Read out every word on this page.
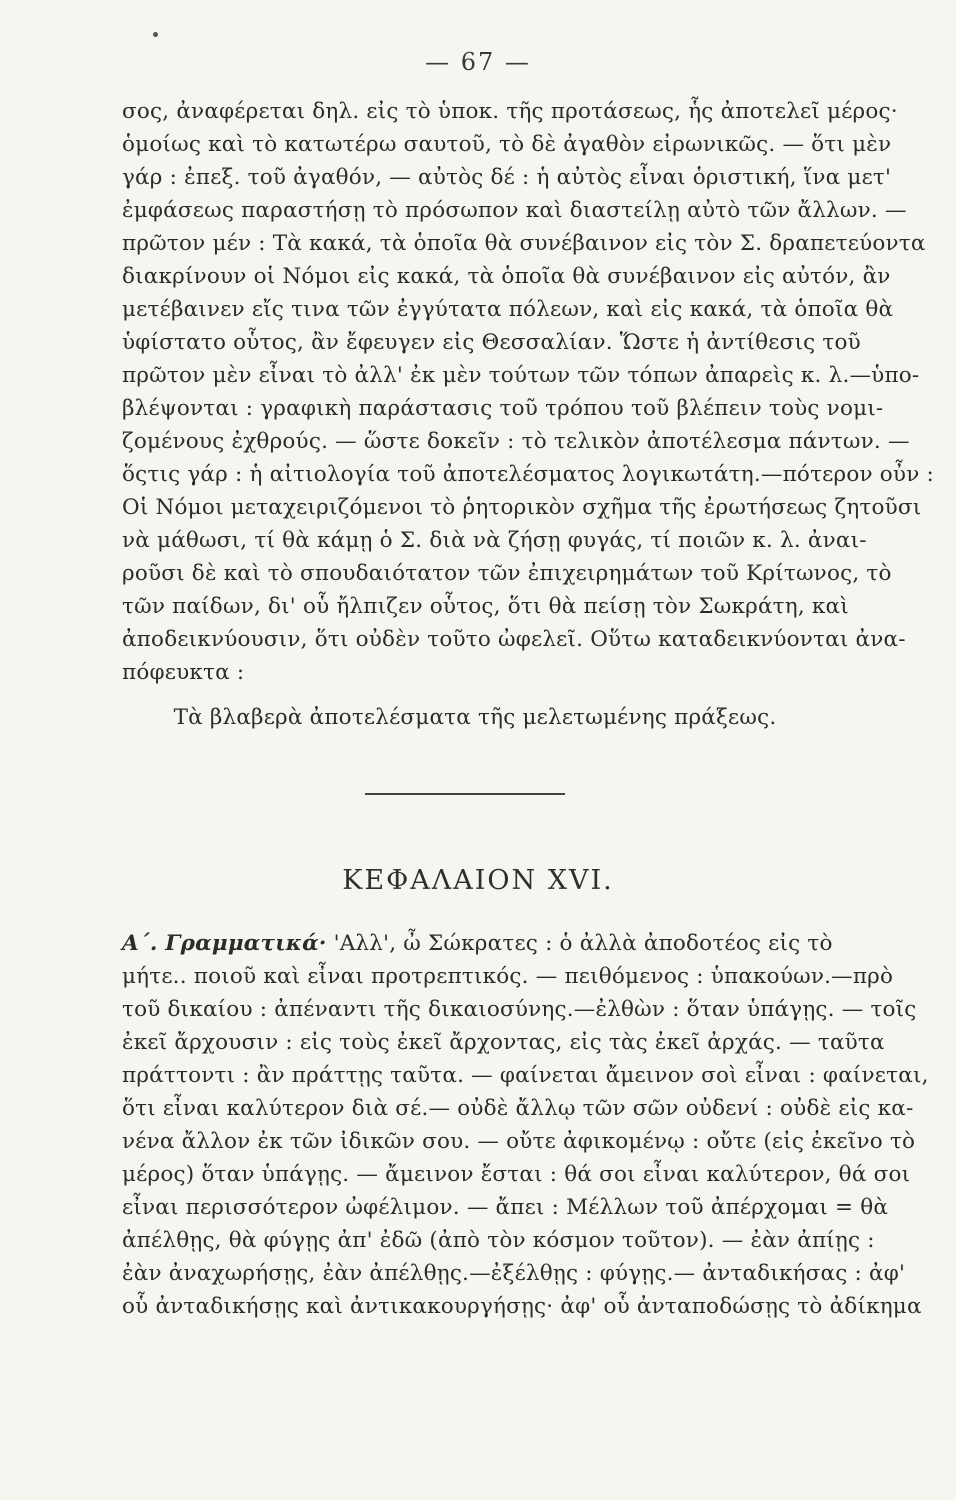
— 67 —
σος, ἀναφέρεται δηλ. εἰς τὸ ὑποκ. τῆς προτάσεως, ἧς ἀποτελεῖ μέρος·
ὁμοίως καὶ τὸ κατωτέρω σαυτοῦ, τὸ δὲ ἀγαθὸν εἰρωνικῶς. — ὅτι μὲν
γάρ : ἐπεξ. τοῦ ἀγαθόν, — αὐτὸς δέ : ἡ αὐτὸς εἶναι ὁριστική, ἵνα μετ'
ἐμφάσεως παραστήσῃ τὸ πρόσωπον καὶ διαστείλῃ αὐτὸ τῶν ἄλλων. —
πρῶτον μέν : Τὰ κακά, τὰ ὁποῖα θὰ συνέβαινον εἰς τὸν Σ. δραπετεύοντα
διακρίνουν οἱ Νόμοι εἰς κακά, τὰ ὁποῖα θὰ συνέβαινον εἰς αὐτόν, ἂν
μετέβαινεν εἴς τινα τῶν ἐγγύτατα πόλεων, καὶ εἰς κακά, τὰ ὁποῖα θὰ
ὑφίστατο οὗτος, ἂν ἔφευγεν εἰς Θεσσαλίαν. Ὥστε ἡ ἀντίθεσις τοῦ
πρῶτον μὲν εἶναι τὸ ἀλλ' ἐκ μὲν τούτων τῶν τόπων ἀπαρεὶς κ. λ.—ὑπο-
βλέψονται : γραφικὴ παράστασις τοῦ τρόπου τοῦ βλέπειν τοὺς νομι-
ζομένους ἐχθρούς. — ὥστε δοκεῖν : τὸ τελικὸν ἀποτέλεσμα πάντων. —
ὅςτις γάρ : ἡ αἰτιολογία τοῦ ἀποτελέσματος λογικωτάτη.—πότερον οὖν :
Οἱ Νόμοι μεταχειριζόμενοι τὸ ῥητορικὸν σχῆμα τῆς ἐρωτήσεως ζητοῦσι
νὰ μάθωσι, τί θὰ κάμῃ ὁ Σ. διὰ νὰ ζήσῃ φυγάς, τί ποιῶν κ. λ. ἀναι-
ροῦσι δὲ καὶ τὸ σπουδαιότατον τῶν ἐπιχειρημάτων τοῦ Κρίτωνος, τὸ
τῶν παίδων, δι' οὗ ἤλπιζεν οὗτος, ὅτι θὰ πείσῃ τὸν Σωκράτη, καὶ
ἀποδεικνύουσιν, ὅτι οὐδὲν τοῦτο ὠφελεῖ. Οὕτω καταδεικνύονται ἀνα-
πόφευκτα :
Τὰ βλαβερὰ ἀποτελέσματα τῆς μελετωμένης πράξεως.
ΚΕΦΑΛΑΙΟΝ XVI.
Α΄. Γραμματικά· 'Αλλ', ὦ Σώκρατες : ὁ ἀλλὰ ἀποδοτέος εἰς τὸ
μήτε.. ποιοῦ καὶ εἶναι προτρεπτικός. — πειθόμενος : ὑπακούων.—πρὸ
τοῦ δικαίου : ἀπέναντι τῆς δικαιοσύνης.—ἐλθὼν : ὅταν ὑπάγῃς. — τοῖς
ἐκεῖ ἄρχουσιν : εἰς τοὺς ἐκεῖ ἄρχοντας, εἰς τὰς ἐκεῖ ἀρχάς. — ταῦτα
πράττοντι : ἂν πράττῃς ταῦτα. — φαίνεται ἄμεινον σοὶ εἶναι : φαίνεται,
ὅτι εἶναι καλύτερον διὰ σέ.— οὐδὲ ἄλλῳ τῶν σῶν οὐδενί : οὐδὲ εἰς κα-
νένα ἄλλον ἐκ τῶν ἰδικῶν σου. — οὔτε ἀφικομένῳ : οὔτε (εἰς ἐκεῖνο τὸ
μέρος) ὅταν ὑπάγῃς. — ἄμεινον ἔσται : θά σοι εἶναι καλύτερον, θά σοι
εἶναι περισσότερον ὠφέλιμον. — ἄπει : Μέλλων τοῦ ἀπέρχομαι = θὰ
ἀπέλθῃς, θὰ φύγῃς ἀπ' ἐδῶ (ἀπὸ τὸν κόσμον τοῦτον). — ἐὰν ἀπίῃς :
ἐὰν ἀναχωρήσῃς, ἐὰν ἀπέλθῃς.—ἐξέλθῃς : φύγῃς.— ἀνταδικήσας : ἀφ'
οὗ ἀνταδικήσῃς καὶ ἀντικακουργήσῃς· ἀφ' οὗ ἀνταποδώσῃς τὸ ἀδίκημα
